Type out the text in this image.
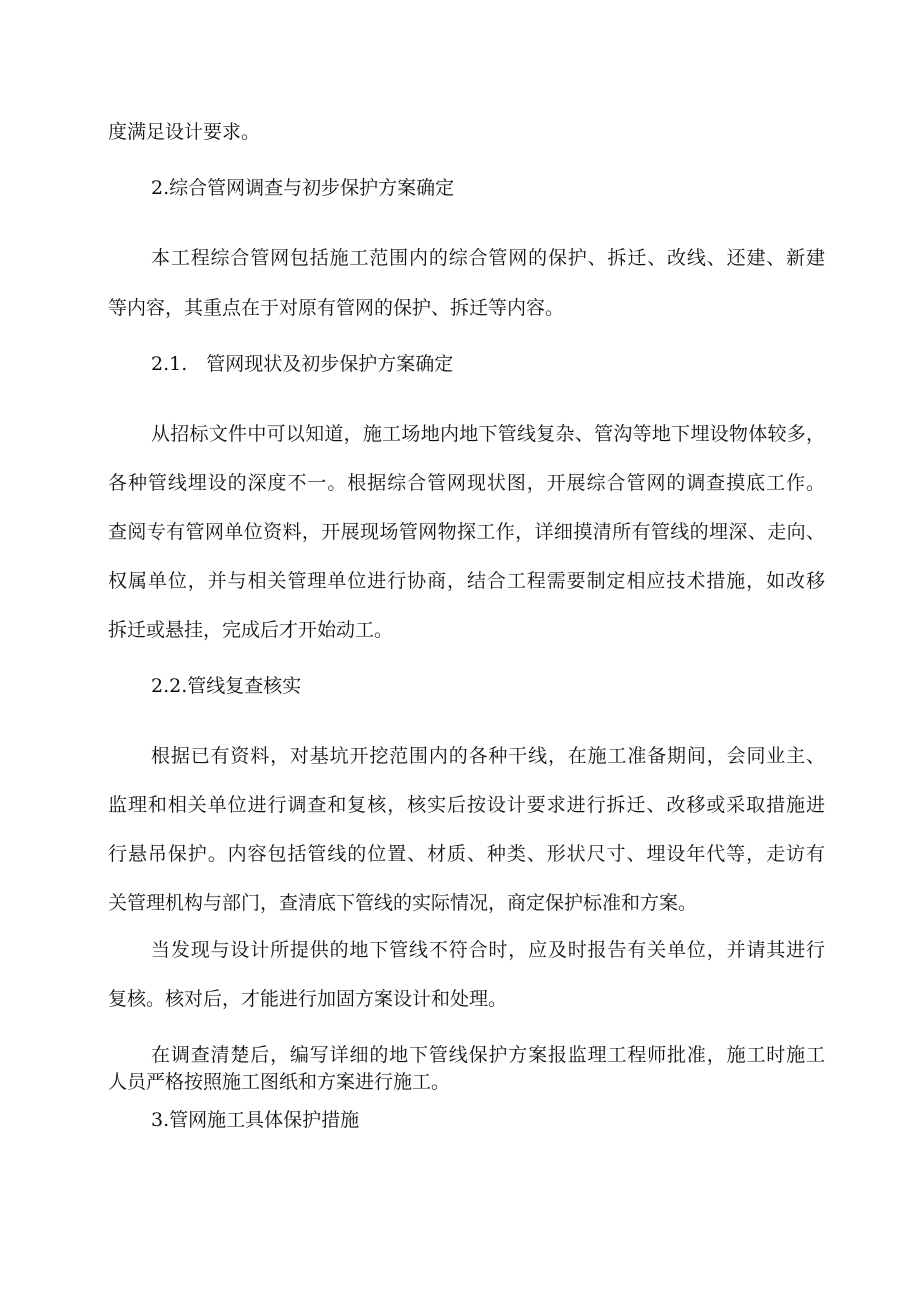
度满足设计要求。
2.综合管网调查与初步保护方案确定
本工程综合管网包括施工范围内的综合管网的保护、拆迁、改线、还建、新建
等内容，其重点在于对原有管网的保护、拆迁等内容。
2.1.　管网现状及初步保护方案确定
从招标文件中可以知道，施工场地内地下管线复杂、管沟等地下埋设物体较多，
各种管线埋设的深度不一。根据综合管网现状图，开展综合管网的调查摸底工作。
查阅专有管网单位资料，开展现场管网物探工作，详细摸清所有管线的埋深、走向、
权属单位，并与相关管理单位进行协商，结合工程需要制定相应技术措施，如改移
拆迁或悬挂，完成后才开始动工。
2.2.管线复查核实
根据已有资料，对基坑开挖范围内的各种干线，在施工准备期间，会同业主、
监理和相关单位进行调查和复核，核实后按设计要求进行拆迁、改移或采取措施进
行悬吊保护。内容包括管线的位置、材质、种类、形状尺寸、埋设年代等，走访有
关管理机构与部门，查清底下管线的实际情况，商定保护标准和方案。
当发现与设计所提供的地下管线不符合时，应及时报告有关单位，并请其进行
复核。核对后，才能进行加固方案设计和处理。
在调查清楚后，编写详细的地下管线保护方案报监理工程师批准，施工时施工
人员严格按照施工图纸和方案进行施工。
3.管网施工具体保护措施
